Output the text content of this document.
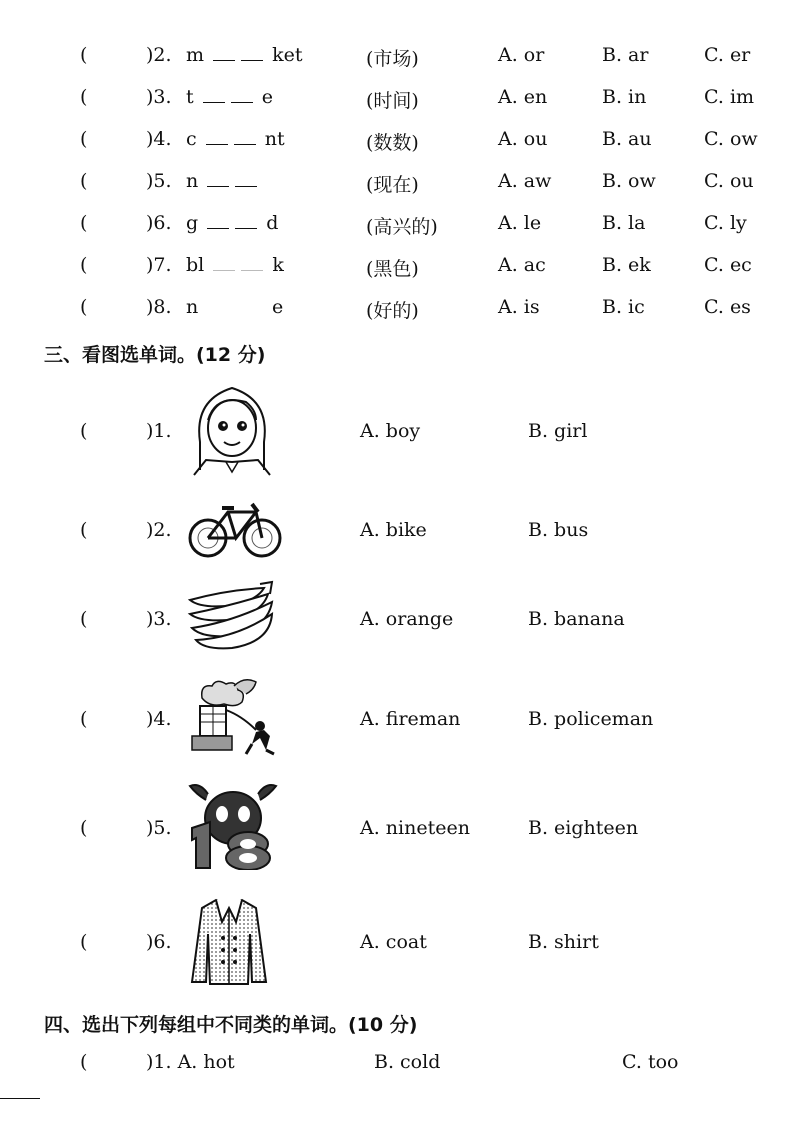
(	)2. m	ket	(市场)	A. or	B. ar	C. er
(	)3. t	e	(时间)	A. en	B. in	C. im
(	)4. c	nt	(数数)	A. ou	B. au	C. ow
(	)5. n	(现在)	A. aw	B. ow	C. ou
(	)6. g	d	(高兴的)	A. le	B. la	C. ly
(	)7. bl	k	(黑色)	A. ac	B. ek	C. ec
(	)8. n	e	(好的)	A. is	B. ic	C. es
三、看图选单词。(12 分)
(	)1.	A. boy	B. girl
(	)2.	A. bike	B. bus
(	)3.	A. orange	B. banana
(	)4.	A. fireman	B. policeman
(	)5.	A. nineteen	B. eighteen
(	)6.	A. coat	B. shirt
四、选出下列每组中不同类的单词。(10 分)
(	)1. A. hot	B. cold	C. too
